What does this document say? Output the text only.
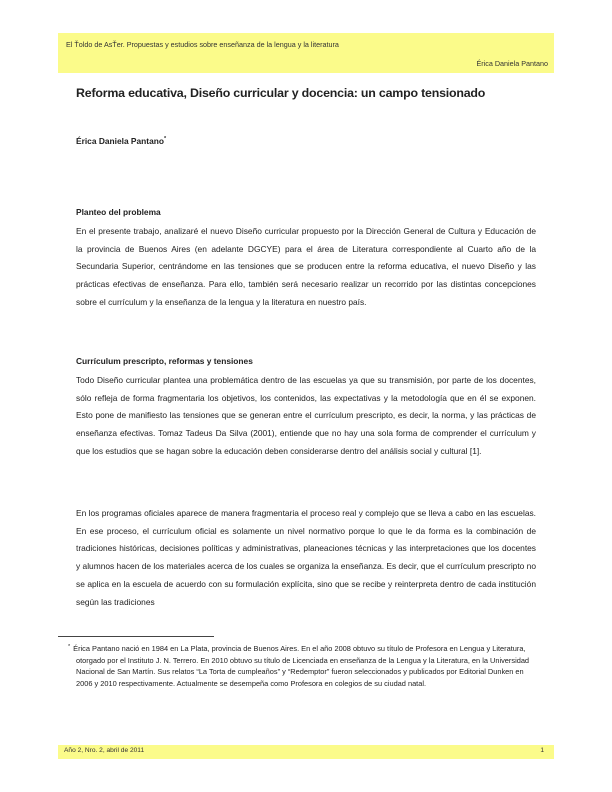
El Ťoldo de AsŤer. Propuestas y estudios sobre enseñanza de la lengua y la literatura
Érica Daniela Pantano
Reforma educativa, Diseño curricular y docencia: un campo tensionado
Érica Daniela Pantano*

Planteo del problema

En el presente trabajo, analizaré el nuevo Diseño curricular propuesto por la Dirección General de Cultura y Educación de la provincia de Buenos Aires (en adelante DGCYE) para el área de Literatura correspondiente al Cuarto año de la Secundaria Superior, centrándome en las tensiones que se producen entre la reforma educativa, el nuevo Diseño y las prácticas efectivas de enseñanza. Para ello, también será necesario realizar un recorrido por las distintas concepciones sobre el currículum y la enseñanza de la lengua y la literatura en nuestro país.

Currículum prescripto, reformas y tensiones

Todo Diseño curricular plantea una problemática dentro de las escuelas ya que su transmisión, por parte de los docentes, sólo refleja de forma fragmentaria los objetivos, los contenidos, las expectativas y la metodología que en él se exponen. Esto pone de manifiesto las tensiones que se generan entre el currículum prescripto, es decir, la norma, y las prácticas de enseñanza efectivas. Tomaz Tadeus Da Silva (2001), entiende que no hay una sola forma de comprender el currículum y que los estudios que se hagan sobre la educación deben considerarse dentro del análisis social y cultural [1].

En los programas oficiales aparece de manera fragmentaria el proceso real y complejo que se lleva a cabo en las escuelas. En ese proceso, el currículum oficial es solamente un nivel normativo porque lo que le da forma es la combinación de tradiciones históricas, decisiones políticas y administrativas, planeaciones técnicas y las interpretaciones que los docentes y alumnos hacen de los materiales acerca de los cuales se organiza la enseñanza. Es decir, que el currículum prescripto no se aplica en la escuela de acuerdo con su formulación explícita, sino que se recibe y reinterpreta dentro de cada institución según las tradiciones

* Érica Pantano nació en 1984 en La Plata, provincia de Buenos Aires. En el año 2008 obtuvo su título de Profesora en Lengua y Literatura, otorgado por el Instituto J. N. Terrero. En 2010 obtuvo su título de Licenciada en enseñanza de la Lengua y la Literatura, en la Universidad Nacional de San Martín. Sus relatos “La Torta de cumpleaños” y “Redemptor” fueron seleccionados y publicados por Editorial Dunken en 2006 y 2010 respectivamente. Actualmente se desempeña como Profesora en colegios de su ciudad natal.

Año 2, Nro. 2, abril de 2011	1
